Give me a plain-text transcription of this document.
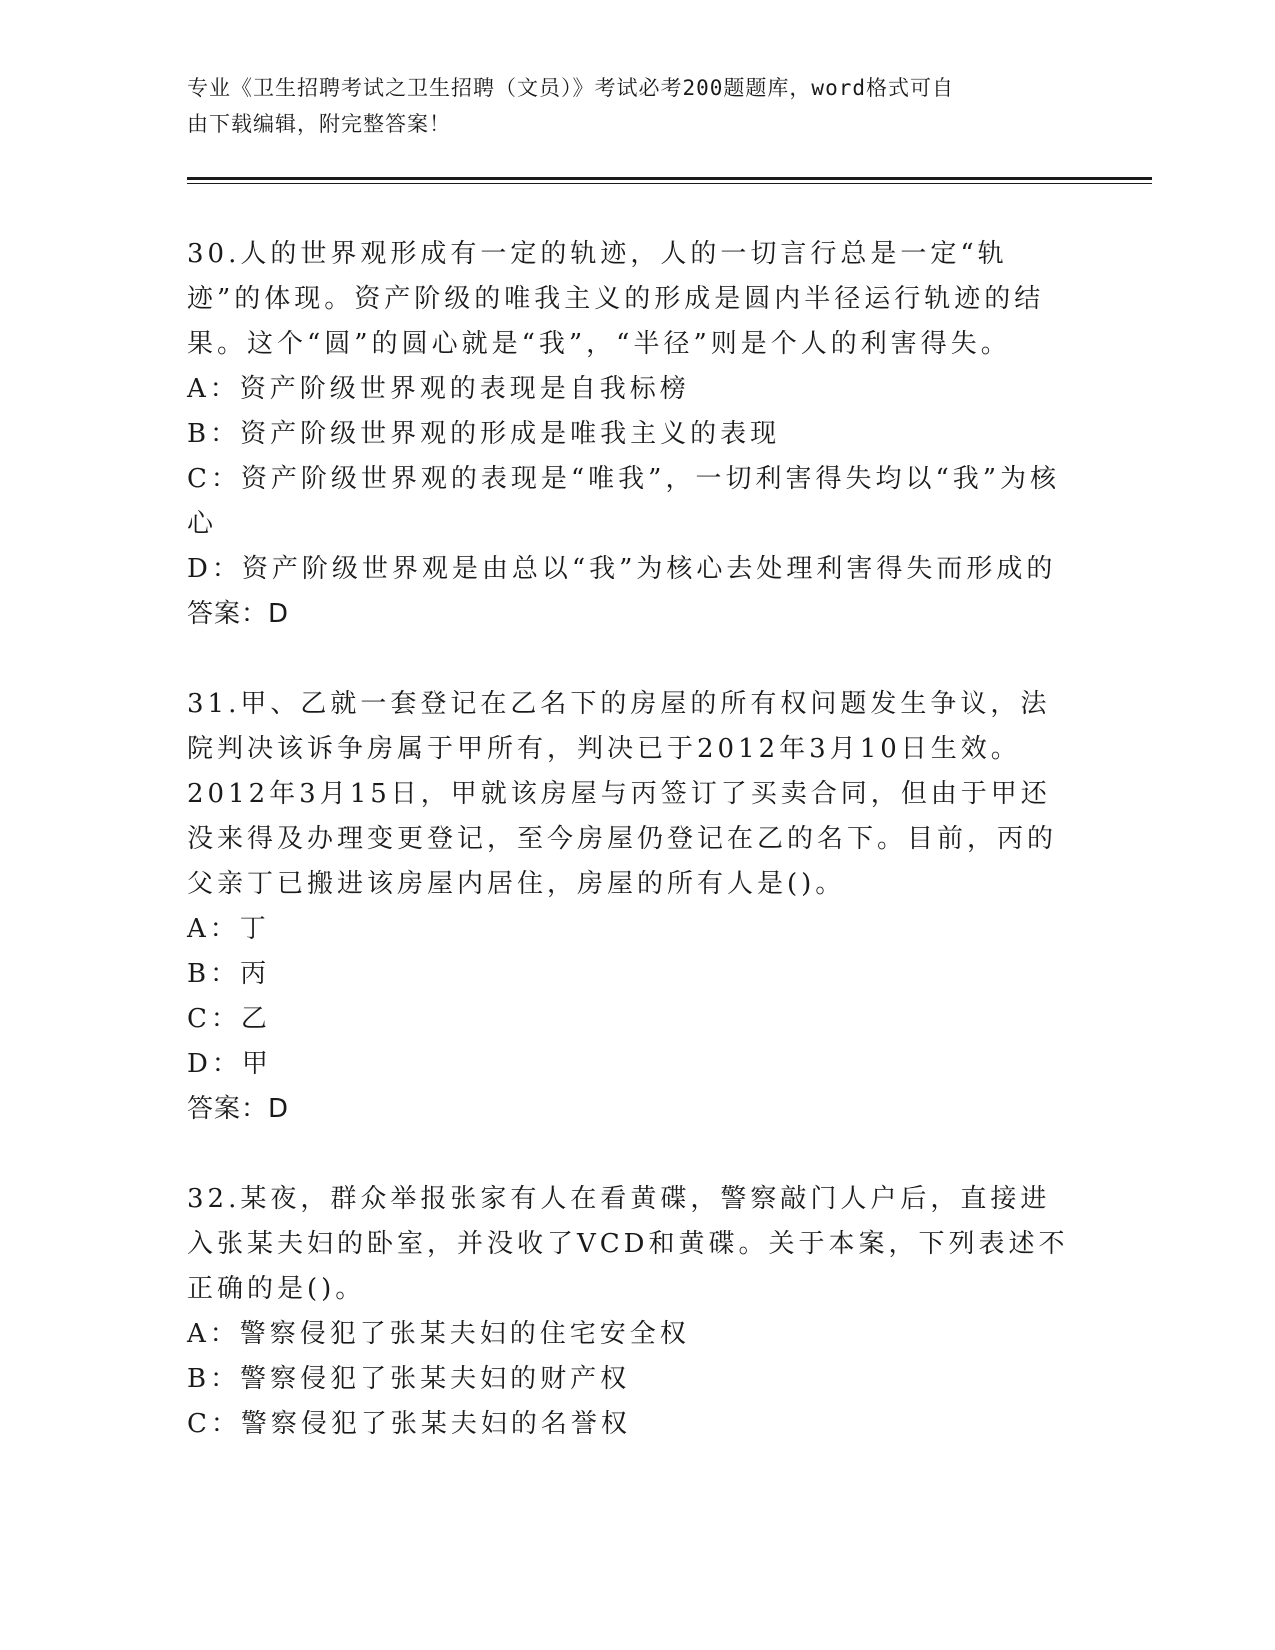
专业《卫生招聘考试之卫生招聘（文员）》考试必考200题题库，word格式可自
由下载编辑，附完整答案！

30.人的世界观形成有一定的轨迹，人的一切言行总是一定“轨迹”的体现。资产阶级的唯我主义的形成是圆内半径运行轨迹的结果。这个“圆”的圆心就是“我”，“半径”则是个人的利害得失。

A：资产阶级世界观的表现是自我标榜

B：资产阶级世界观的形成是唯我主义的表现

C：资产阶级世界观的表现是“唯我”，一切利害得失均以“我”为核心

D：资产阶级世界观是由总以“我”为核心去处理利害得失而形成的

答案：D

31.甲、乙就一套登记在乙名下的房屋的所有权问题发生争议，法院判决该诉争房属于甲所有，判决已于2012年3月10日生效。2012年3月15日，甲就该房屋与丙签订了买卖合同，但由于甲还没来得及办理变更登记，至今房屋仍登记在乙的名下。目前，丙的父亲丁已搬进该房屋内居住，房屋的所有人是()。

A：丁

B：丙

C：乙

D：甲

答案：D

32.某夜，群众举报张家有人在看黄碟，警察敲门人户后，直接进入张某夫妇的卧室，并没收了VCD和黄碟。关于本案，下列表述不正确的是()。

A：警察侵犯了张某夫妇的住宅安全权

B：警察侵犯了张某夫妇的财产权

C：警察侵犯了张某夫妇的名誉权
